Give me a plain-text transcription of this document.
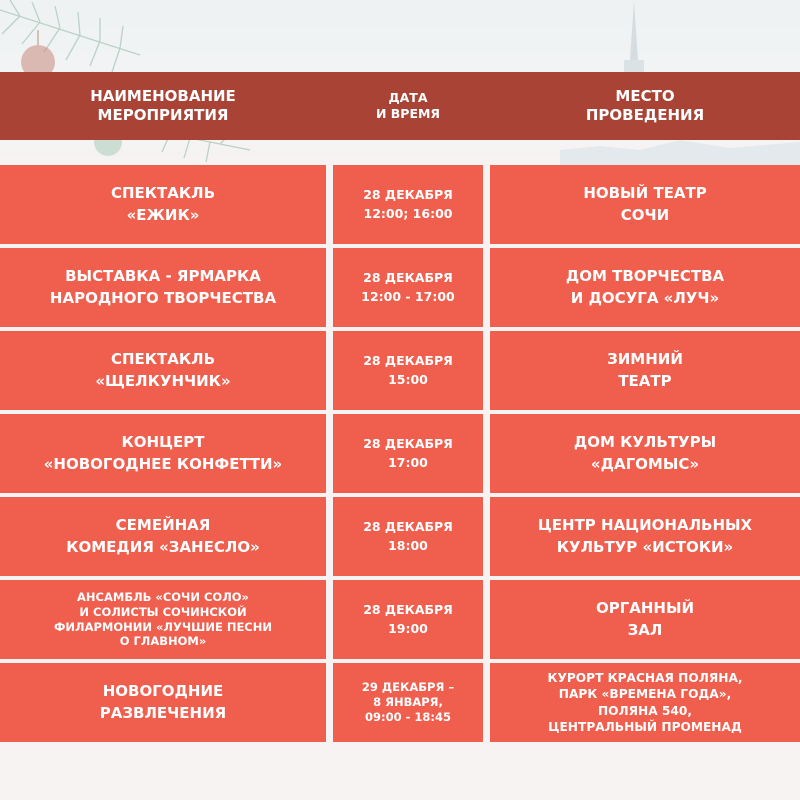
НАИМЕНОВАНИЕ
МЕРОПРИЯТИЯ
ДАТА
И ВРЕМЯ
МЕСТО
ПРОВЕДЕНИЯ
СПЕКТАКЛЬ
«ЕЖИК»
28 ДЕКАБРЯ
12:00; 16:00
НОВЫЙ ТЕАТР
СОЧИ
ВЫСТАВКА - ЯРМАРКА
НАРОДНОГО ТВОРЧЕСТВА
28 ДЕКАБРЯ
12:00 - 17:00
ДОМ ТВОРЧЕСТВА
И ДОСУГА «ЛУЧ»
СПЕКТАКЛЬ
«ЩЕЛКУНЧИК»
28 ДЕКАБРЯ
15:00
ЗИМНИЙ
ТЕАТР
КОНЦЕРТ
«НОВОГОДНЕЕ КОНФЕТТИ»
28 ДЕКАБРЯ
17:00
ДОМ КУЛЬТУРЫ
«ДАГОМЫС»
СЕМЕЙНАЯ
КОМЕДИЯ «ЗАНЕСЛО»
28 ДЕКАБРЯ
18:00
ЦЕНТР НАЦИОНАЛЬНЫХ
КУЛЬТУР «ИСТОКИ»
АНСАМБЛЬ «СОЧИ СОЛО»
И СОЛИСТЫ СОЧИНСКОЙ
ФИЛАРМОНИИ «ЛУЧШИЕ ПЕСНИ
О ГЛАВНОМ»
28 ДЕКАБРЯ
19:00
ОРГАННЫЙ
ЗАЛ
НОВОГОДНИЕ
РАЗВЛЕЧЕНИЯ
29 ДЕКАБРЯ –
8 ЯНВАРЯ,
09:00 - 18:45
КУРОРТ КРАСНАЯ ПОЛЯНА,
ПАРК «ВРЕМЕНА ГОДА»,
ПОЛЯНА 540,
ЦЕНТРАЛЬНЫЙ ПРОМЕНАД
